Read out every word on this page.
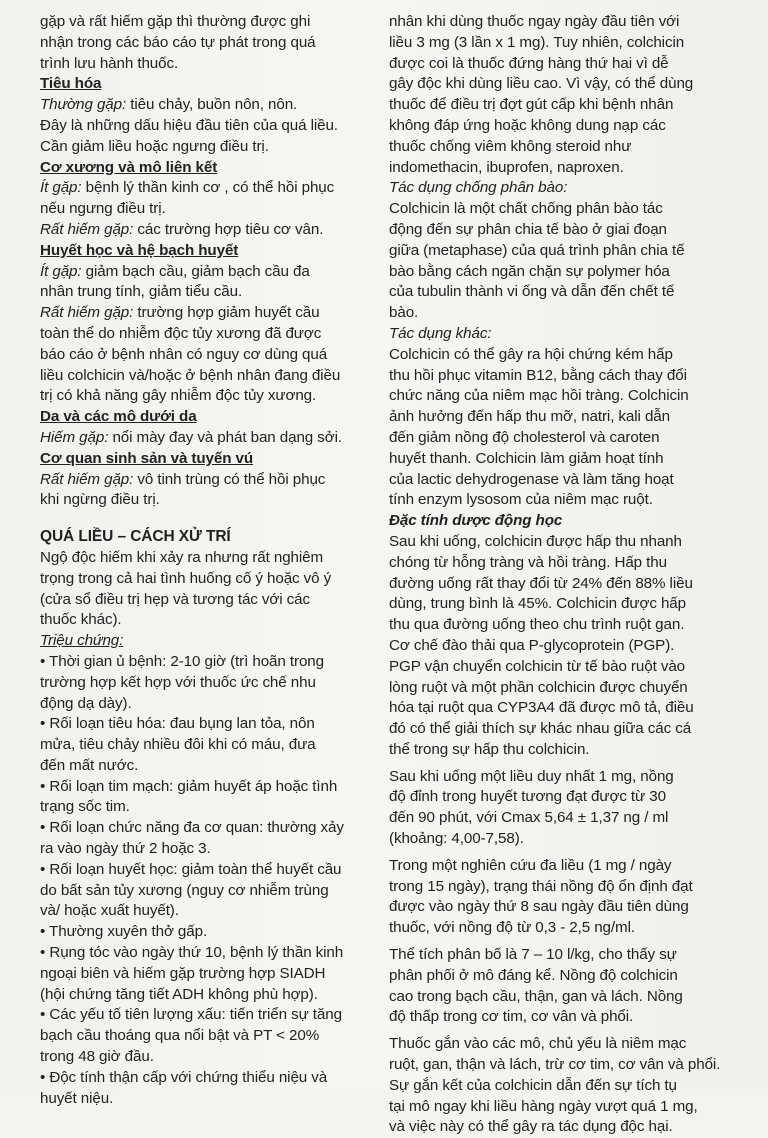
gặp và rất hiếm gặp thì thường được ghi
nhận trong các báo cáo tự phát trong quá
trình lưu hành thuốc.
Tiêu hóa
Thường gặp: tiêu chảy, buồn nôn, nôn.
Đây là những dấu hiệu đầu tiên của quá liều.
Cần giảm liều hoặc ngưng điều trị.
Cơ xương và mô liên kết
Ít gặp: bệnh lý thần kinh cơ , có thể hồi phục
nếu ngưng điều trị.
Rất hiếm gặp: các trường hợp tiêu cơ vân.
Huyết học và hệ bạch huyết
Ít gặp: giảm bạch cầu, giảm bạch cầu đa
nhân trung tính, giảm tiểu cầu.
Rất hiếm gặp: trường hợp giảm huyết cầu
toàn thể do nhiễm độc tủy xương đã được
báo cáo ở bệnh nhân có nguy cơ dùng quá
liều colchicin và/hoặc ở bệnh nhân đang điều
trị có khả năng gây nhiễm độc tủy xương.
Da và các mô dưới da
Hiếm gặp: nổi mày đay và phát ban dạng sởi.
Cơ quan sinh sản và tuyến vú
Rất hiếm gặp: vô tinh trùng có thể hồi phục
khi ngừng điều trị.
QUÁ LIỀU – CÁCH XỬ TRÍ
Ngộ độc hiếm khi xảy ra nhưng rất nghiêm
trọng trong cả hai tình huống cố ý hoặc vô ý
(cửa sổ điều trị hẹp và tương tác với các
thuốc khác).
Triệu chứng:
• Thời gian ủ bệnh: 2-10 giờ (trì hoãn trong
trường hợp kết hợp với thuốc ức chế nhu
động dạ dày).
• Rối loạn tiêu hóa: đau bụng lan tỏa, nôn
mửa, tiêu chảy nhiều đôi khi có máu, đưa
đến mất nước.
• Rối loạn tim mạch: giảm huyết áp hoặc tình
trạng sốc tim.
• Rối loạn chức năng đa cơ quan: thường xảy
ra vào ngày thứ 2 hoặc 3.
• Rối loạn huyết học: giảm toàn thể huyết cầu
do bất sản tủy xương (nguy cơ nhiễm trùng
và/ hoặc xuất huyết).
• Thường xuyên thở gấp.
• Rụng tóc vào ngày thứ 10, bệnh lý thần kinh
ngoại biên và hiếm gặp trường hợp SIADH
(hội chứng tăng tiết ADH không phù hợp).
• Các yếu tố tiên lượng xấu: tiến triển sự tăng
bạch cầu thoáng qua nổi bật và PT < 20%
trong 48 giờ đầu.
• Độc tính thận cấp với chứng thiểu niệu và
huyết niệu.
nhân khi dùng thuốc ngay ngày đầu tiên với
liều 3 mg (3 lần x 1 mg). Tuy nhiên, colchicin
được coi là thuốc đứng hàng thứ hai vì dễ
gây độc khi dùng liều cao. Vì vậy, có thể dùng
thuốc để điều trị đợt gút cấp khi bệnh nhân
không đáp ứng hoặc không dung nạp các
thuốc chống viêm không steroid như
indomethacin, ibuprofen, naproxen.
Tác dụng chống phân bào:
Colchicin là một chất chống phân bào tác
động đến sự phân chia tế bào ở giai đoạn
giữa (metaphase) của quá trình phân chia tế
bào bằng cách ngăn chặn sự polymer hóa
của tubulin thành vi ống và dẫn đến chết tế
bào.
Tác dụng khác:
Colchicin có thể gây ra hội chứng kém hấp
thu hồi phục vitamin B12, bằng cách thay đổi
chức năng của niêm mạc hồi tràng. Colchicin
ảnh hưởng đến hấp thu mỡ, natri, kali dẫn
đến giảm nồng độ cholesterol và caroten
huyết thanh. Colchicin làm giảm hoạt tính
của lactic dehydrogenase và làm tăng hoạt
tính enzym lysosom của niêm mạc ruột.
Đặc tính dược động học
Sau khi uống, colchicin được hấp thu nhanh
chóng từ hỗng tràng và hồi tràng. Hấp thu
đường uống rất thay đổi từ 24% đến 88% liều
dùng, trung bình là 45%. Colchicin được hấp
thu qua đường uống theo chu trình ruột gan.
Cơ chế đào thải qua P-glycoprotein (PGP).
PGP vận chuyển colchicin từ tế bào ruột vào
lòng ruột và một phần colchicin được chuyển
hóa tại ruột qua CYP3A4 đã được mô tả, điều
đó có thể giải thích sự khác nhau giữa các cá
thể trong sự hấp thu colchicin.
Sau khi uống một liều duy nhất 1 mg, nồng
độ đỉnh trong huyết tương đạt được từ 30
đến 90 phút, với Cmax 5,64 ± 1,37 ng / ml
(khoảng: 4,00-7,58).
Trong một nghiên cứu đa liều (1 mg / ngày
trong 15 ngày), trạng thái nồng độ ổn định đạt
được vào ngày thứ 8 sau ngày đầu tiên dùng
thuốc, với nồng độ từ 0,3 - 2,5 ng/ml.
Thể tích phân bố là 7 – 10 l/kg, cho thấy sự
phân phối ở mô đáng kể. Nồng độ colchicin
cao trong bạch cầu, thận, gan và lách. Nồng
độ thấp trong cơ tim, cơ vân và phổi.
Thuốc gắn vào các mô, chủ yếu là niêm mạc
ruột, gan, thận và lách, trừ cơ tim, cơ vân và phổi.
Sự gắn kết của colchicin dẫn đến sự tích tụ
tại mô ngay khi liều hàng ngày vượt quá 1 mg,
và việc này có thể gây ra tác dụng độc hại.
